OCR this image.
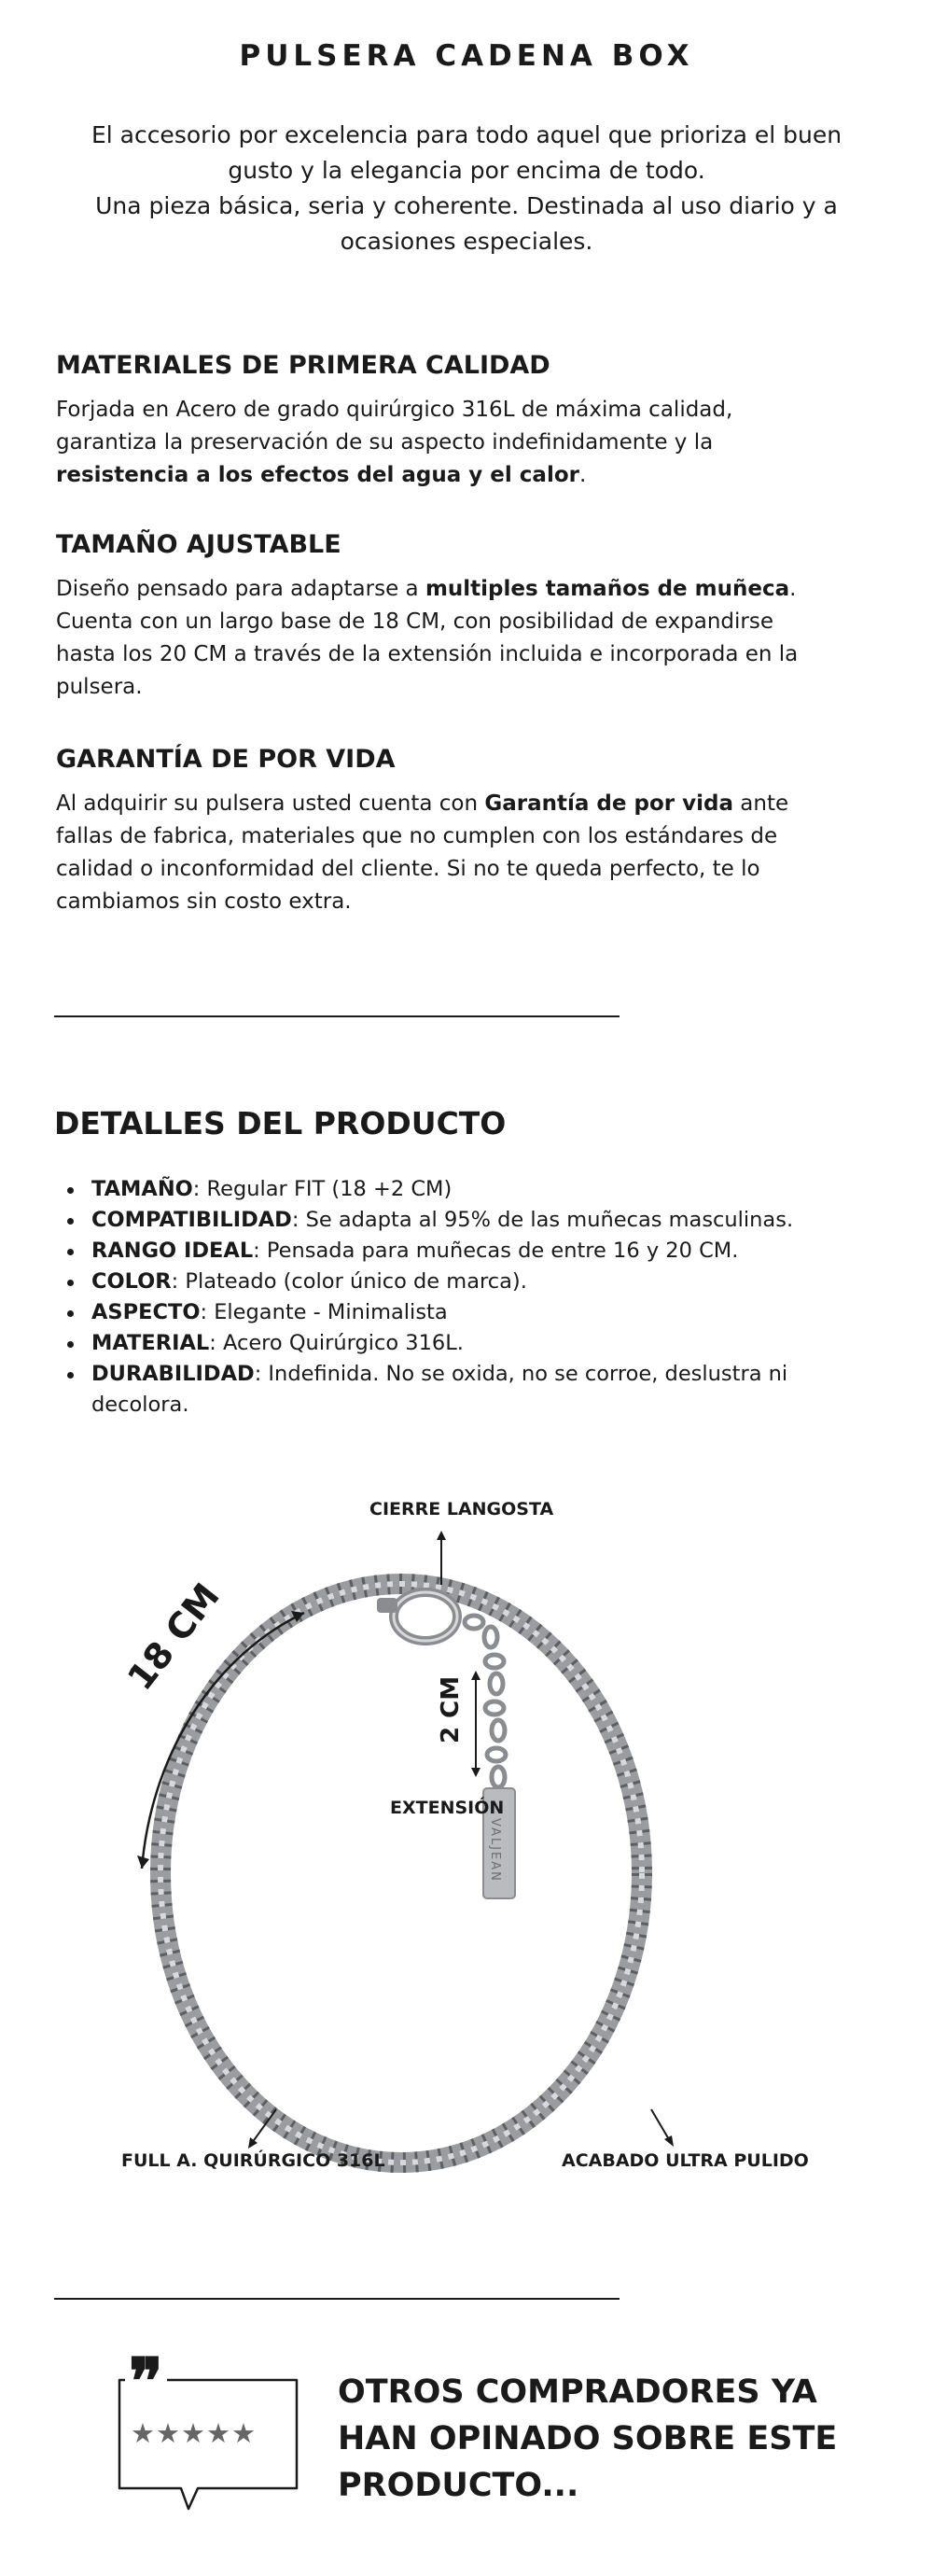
PULSERA CADENA BOX

El accesorio por excelencia para todo aquel que prioriza el buen gusto y la elegancia por encima de todo.

Una pieza básica, seria y coherente. Destinada al uso diario y a ocasiones especiales.

MATERIALES DE PRIMERA CALIDAD
Forjada en Acero de grado quirúrgico 316L de máxima calidad, garantiza la preservación de su aspecto indefinidamente y la resistencia a los efectos del agua y el calor.
TAMAÑO AJUSTABLE
Diseño pensado para adaptarse a multiples tamaños de muñeca. Cuenta con un largo base de 18 CM, con posibilidad de expandirse hasta los 20 CM a través de la extensión incluida e incorporada en la pulsera.
GARANTÍA DE POR VIDA
Al adquirir su pulsera usted cuenta con Garantía de por vida ante fallas de fabrica, materiales que no cumplen con los estándares de calidad o inconformidad del cliente. Si no te queda perfecto, te lo cambiamos sin costo extra.
DETALLES DEL PRODUCTO
TAMAÑO: Regular FIT (18 +2 CM)
COMPATIBILIDAD: Se adapta al 95% de las muñecas masculinas.
RANGO IDEAL: Pensada para muñecas de entre 16 y 20 CM.
COLOR: Plateado (color único de marca).
ASPECTO: Elegante - Minimalista
MATERIAL: Acero Quirúrgico 316L.
DURABILIDAD: Indefinida. No se oxida, no se corroe, deslustra ni decolora.
CIERRE LANGOSTA
18 CM
2 CM
EXTENSIÓN
VALJEAN
FULL A. QUIRÚRGICO 316L	ACABADO ULTRA PULIDO
❞
★★★★★
OTROS COMPRADORES YA HAN OPINADO SOBRE ESTE PRODUCTO...
